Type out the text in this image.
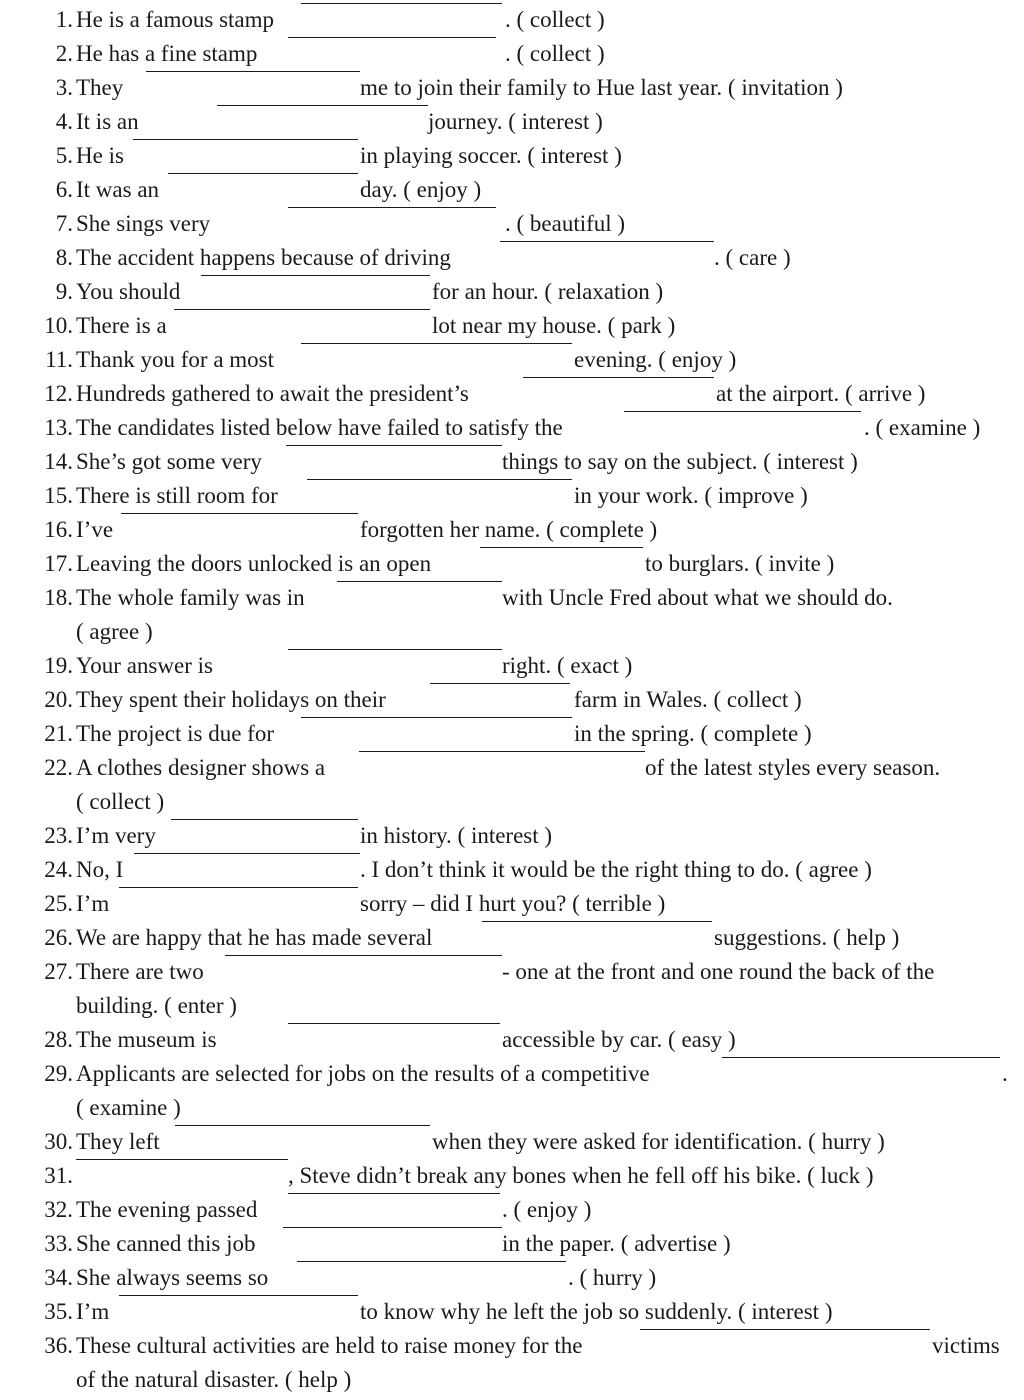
1. He is a famous stamp	. ( collect )
2. He has a fine stamp	. ( collect )
3. They	me to join their family to Hue last year. ( invitation )
4. It is an	journey. ( interest )
5. He is	in playing soccer. ( interest )
6. It was an	day. ( enjoy )
7. She sings very	. ( beautiful )
8. The accident happens because of driving	. ( care )
9. You should	for an hour. ( relaxation )
10. There is a	lot near my house. ( park )
11. Thank you for a most	evening. ( enjoy )
12. Hundreds gathered to await the president’s	at the airport. ( arrive )
13. The candidates listed below have failed to satisfy the	. ( examine )
14. She’s got some very	things to say on the subject. ( interest )
15. There is still room for	in your work. ( improve )
16. I’ve	forgotten her name. ( complete )
17. Leaving the doors unlocked is an open	to burglars. ( invite )
18. The whole family was in	with Uncle Fred about what we should do.
( agree )
19. Your answer is	right. ( exact )
20. They spent their holidays on their	farm in Wales. ( collect )
21. The project is due for	in the spring. ( complete )
22. A clothes designer shows a	of the latest styles every season.
( collect )
23. I’m very	in history. ( interest )
24. No, I	. I don’t think it would be the right thing to do. ( agree )
25. I’m	sorry – did I hurt you? ( terrible )
26. We are happy that he has made several	suggestions. ( help )
27. There are two	- one at the front and one round the back of the
building. ( enter )
28. The museum is	accessible by car. ( easy )
29. Applicants are selected for jobs on the results of a competitive	.
( examine )
30. They left	when they were asked for identification. ( hurry )
31.	, Steve didn’t break any bones when he fell off his bike. ( luck )
32. The evening passed	. ( enjoy )
33. She canned this job	in the paper. ( advertise )
34. She always seems so	. ( hurry )
35. I’m	to know why he left the job so suddenly. ( interest )
36. These cultural activities are held to raise money for the	victims
of the natural disaster. ( help )
